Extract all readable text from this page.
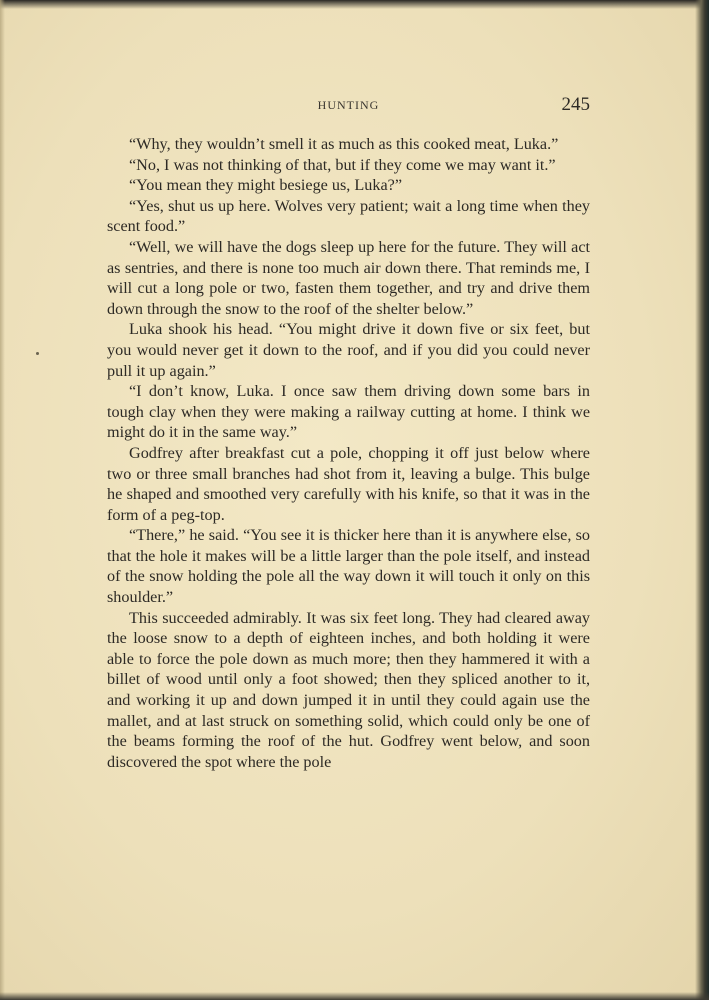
HUNTING	245

“Why, they wouldn’t smell it as much as this cooked meat, Luka.”

“No, I was not thinking of that, but if they come we may want it.”

“You mean they might besiege us, Luka?”

“Yes, shut us up here. Wolves very patient; wait a long time when they scent food.”

“Well, we will have the dogs sleep up here for the future. They will act as sentries, and there is none too much air down there. That reminds me, I will cut a long pole or two, fasten them together, and try and drive them down through the snow to the roof of the shelter below.”

Luka shook his head. “You might drive it down five or six feet, but you would never get it down to the roof, and if you did you could never pull it up again.”

“I don’t know, Luka. I once saw them driving down some bars in tough clay when they were making a railway cutting at home. I think we might do it in the same way.”

Godfrey after breakfast cut a pole, chopping it off just below where two or three small branches had shot from it, leaving a bulge. This bulge he shaped and smoothed very carefully with his knife, so that it was in the form of a peg-top.

“There,” he said. “You see it is thicker here than it is anywhere else, so that the hole it makes will be a little larger than the pole itself, and instead of the snow holding the pole all the way down it will touch it only on this shoulder.”

This succeeded admirably. It was six feet long. They had cleared away the loose snow to a depth of eighteen inches, and both holding it were able to force the pole down as much more; then they hammered it with a billet of wood until only a foot showed; then they spliced another to it, and working it up and down jumped it in until they could again use the mallet, and at last struck on something solid, which could only be one of the beams forming the roof of the hut. Godfrey went below, and soon discovered the spot where the pole
